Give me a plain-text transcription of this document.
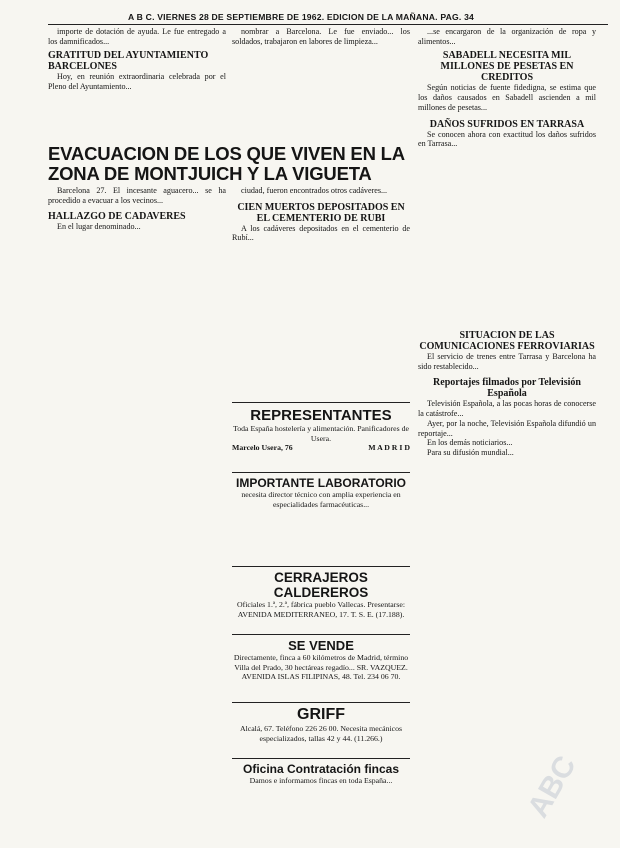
A B C. VIERNES 28 DE SEPTIEMBRE DE 1962. EDICION DE LA MAÑANA. PAG. 34

importe de dotación de ayuda. Le fue entregado a los damnificados...

GRATITUD DEL AYUNTAMIENTO BARCELONES

Hoy, en reunión extraordinaria celebrada por el Pleno del Ayuntamiento...

nombrar a Barcelona. Le fue enviado... los soldados, trabajaron en labores de limpieza...

EVACUACION DE LOS QUE VIVEN EN LA ZONA DE MONTJUICH Y LA VIGUETA

Barcelona 27. El incesante aguacero... se ha procedido a evacuar a los vecinos...

HALLAZGO DE CADAVERES

En el lugar denominado...

ciudad, fueron encontrados otros cadáveres...

CIEN MUERTOS DEPOSITADOS EN EL CEMENTERIO DE RUBI

A los cadáveres depositados en el cementerio de Rubí...

REPRESENTANTES
Toda España hostelería y alimentación. Panificadores de Usera.
Marcelo Usera, 76	M A D R I D
IMPORTANTE LABORATORIO
necesita director técnico con amplia experiencia en especialidades farmacéuticas...
CERRAJEROS CALDEREROS
Oficiales 1.ª, 2.ª, fábrica pueblo Vallecas. Presentarse: AVENIDA MEDITERRANEO, 17. T. S. E. (17.188).
SE VENDE
Directamente, finca a 60 kilómetros de Madrid, término Villa del Prado, 30 hectáreas regadío... SR. VAZQUEZ. AVENIDA ISLAS FILIPINAS, 48. Tel. 234 06 70.
GRIFF
Alcalá, 67. Teléfono 226 26 00. Necesita mecánicos especializados, tallas 42 y 44. (11.266.)
Oficina Contratación fincas
Damos e informamos fincas en toda España...

...se encargaron de la organización de ropa y alimentos...

SABADELL NECESITA MIL MILLONES DE PESETAS EN CREDITOS

Según noticias de fuente fidedigna, se estima que los daños causados en Sabadell ascienden a mil millones de pesetas...

DAÑOS SUFRIDOS EN TARRASA

Se conocen ahora con exactitud los daños sufridos en Tarrasa...

SITUACION DE LAS COMUNICACIONES FERROVIARIAS

El servicio de trenes entre Tarrasa y Barcelona ha sido restablecido...

Reportajes filmados por Televisión Española

Televisión Española, a las pocas horas de conocerse la catástrofe...

Ayer, por la noche, Televisión Española difundió un reportaje...

En los demás noticiarios...

Para su difusión mundial...

ABC
